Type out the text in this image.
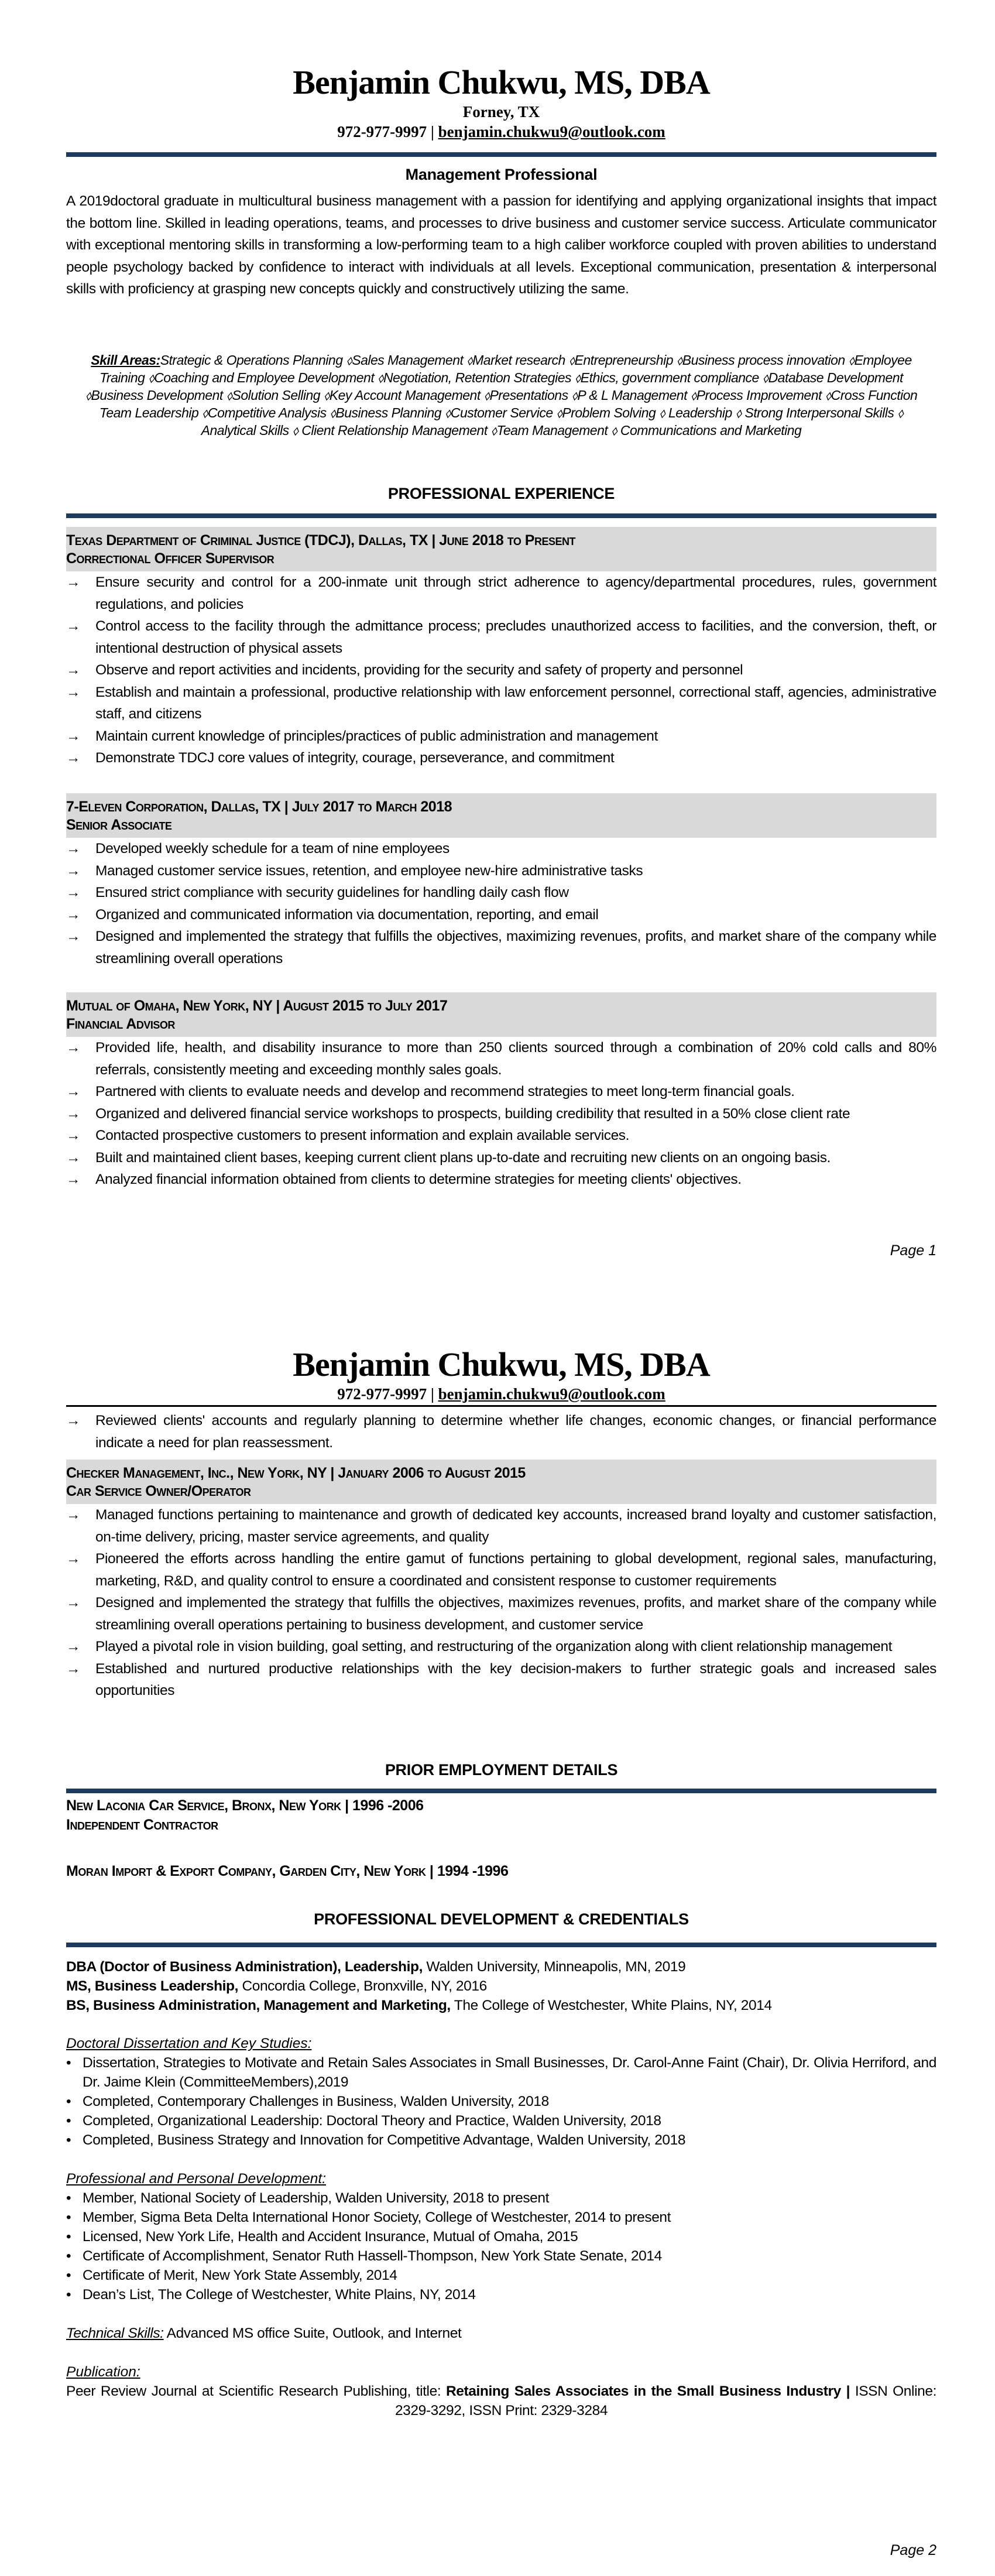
Benjamin Chukwu, MS, DBA
Forney, TX
972-977-9997 | benjamin.chukwu9@outlook.com
Management Professional
A 2019doctoral graduate in multicultural business management with a passion for identifying and applying organizational insights that impact the bottom line. Skilled in leading operations, teams, and processes to drive business and customer service success. Articulate communicator with exceptional mentoring skills in transforming a low-performing team to a high caliber workforce coupled with proven abilities to understand people psychology backed by confidence to interact with individuals at all levels. Exceptional communication, presentation & interpersonal skills with proficiency at grasping new concepts quickly and constructively utilizing the same.
Skill Areas:Strategic & Operations Planning ⬨Sales Management ⬨Market research ⬨Entrepreneurship ⬨Business process innovation ⬨Employee Training ⬨Coaching and Employee Development ⬨Negotiation, Retention Strategies ⬨Ethics, government compliance ⬨Database Development ⬨Business Development ⬨Solution Selling ⬨Key Account Management ⬨Presentations ⬨P & L Management ⬨Process Improvement ⬨Cross Function Team Leadership ⬨Competitive Analysis ⬨Business Planning ⬨Customer Service ⬨Problem Solving ⬨ Leadership ⬨ Strong Interpersonal Skills ⬨ Analytical Skills ⬨ Client Relationship Management ⬨Team Management ⬨ Communications and Marketing
PROFESSIONAL EXPERIENCE
Texas Department of Criminal Justice (TDCJ), Dallas, TX | June 2018 to Present
Correctional Officer Supervisor
→ Ensure security and control for a 200-inmate unit through strict adherence to agency/departmental procedures, rules, government regulations, and policies
→ Control access to the facility through the admittance process; precludes unauthorized access to facilities, and the conversion, theft, or intentional destruction of physical assets
→ Observe and report activities and incidents, providing for the security and safety of property and personnel
→ Establish and maintain a professional, productive relationship with law enforcement personnel, correctional staff, agencies, administrative staff, and citizens
→ Maintain current knowledge of principles/practices of public administration and management
→ Demonstrate TDCJ core values of integrity, courage, perseverance, and commitment
7-Eleven Corporation, Dallas, TX | July 2017 to March 2018
Senior Associate
→ Developed weekly schedule for a team of nine employees
→ Managed customer service issues, retention, and employee new-hire administrative tasks
→ Ensured strict compliance with security guidelines for handling daily cash flow
→ Organized and communicated information via documentation, reporting, and email
→ Designed and implemented the strategy that fulfills the objectives, maximizing revenues, profits, and market share of the company while streamlining overall operations
Mutual of Omaha, New York, NY | August 2015 to July 2017
Financial Advisor
→ Provided life, health, and disability insurance to more than 250 clients sourced through a combination of 20% cold calls and 80% referrals, consistently meeting and exceeding monthly sales goals.
→ Partnered with clients to evaluate needs and develop and recommend strategies to meet long-term financial goals.
→ Organized and delivered financial service workshops to prospects, building credibility that resulted in a 50% close client rate
→ Contacted prospective customers to present information and explain available services.
→ Built and maintained client bases, keeping current client plans up-to-date and recruiting new clients on an ongoing basis.
→ Analyzed financial information obtained from clients to determine strategies for meeting clients' objectives.
Page 1
Benjamin Chukwu, MS, DBA
972-977-9997 | benjamin.chukwu9@outlook.com
→ Reviewed clients' accounts and regularly planning to determine whether life changes, economic changes, or financial performance indicate a need for plan reassessment.
Checker Management, Inc., New York, NY | January 2006 to August 2015
Car Service Owner/Operator
→ Managed functions pertaining to maintenance and growth of dedicated key accounts, increased brand loyalty and customer satisfaction, on-time delivery, pricing, master service agreements, and quality
→ Pioneered the efforts across handling the entire gamut of functions pertaining to global development, regional sales, manufacturing, marketing, R&D, and quality control to ensure a coordinated and consistent response to customer requirements
→ Designed and implemented the strategy that fulfills the objectives, maximizes revenues, profits, and market share of the company while streamlining overall operations pertaining to business development, and customer service
→ Played a pivotal role in vision building, goal setting, and restructuring of the organization along with client relationship management
→ Established and nurtured productive relationships with the key decision-makers to further strategic goals and increased sales opportunities
PRIOR EMPLOYMENT DETAILS
New Laconia Car Service, Bronx, New York | 1996 -2006
Independent Contractor
Moran Import & Export Company, Garden City, New York | 1994 -1996
PROFESSIONAL DEVELOPMENT & CREDENTIALS
DBA (Doctor of Business Administration), Leadership, Walden University, Minneapolis, MN, 2019
MS, Business Leadership, Concordia College, Bronxville, NY, 2016
BS, Business Administration, Management and Marketing, The College of Westchester, White Plains, NY, 2014
Doctoral Dissertation and Key Studies:
• Dissertation, Strategies to Motivate and Retain Sales Associates in Small Businesses, Dr. Carol-Anne Faint (Chair), Dr. Olivia Herriford, and Dr. Jaime Klein (CommitteeMembers),2019
• Completed, Contemporary Challenges in Business, Walden University, 2018
• Completed, Organizational Leadership: Doctoral Theory and Practice, Walden University, 2018
• Completed, Business Strategy and Innovation for Competitive Advantage, Walden University, 2018
Professional and Personal Development:
• Member, National Society of Leadership, Walden University, 2018 to present
• Member, Sigma Beta Delta International Honor Society, College of Westchester, 2014 to present
• Licensed, New York Life, Health and Accident Insurance, Mutual of Omaha, 2015
• Certificate of Accomplishment, Senator Ruth Hassell-Thompson, New York State Senate, 2014
• Certificate of Merit, New York State Assembly, 2014
• Dean’s List, The College of Westchester, White Plains, NY, 2014
Technical Skills: Advanced MS office Suite, Outlook, and Internet
Publication:
Peer Review Journal at Scientific Research Publishing, title: Retaining Sales Associates in the Small Business Industry | ISSN Online: 2329-3292, ISSN Print: 2329-3284
Page 2
